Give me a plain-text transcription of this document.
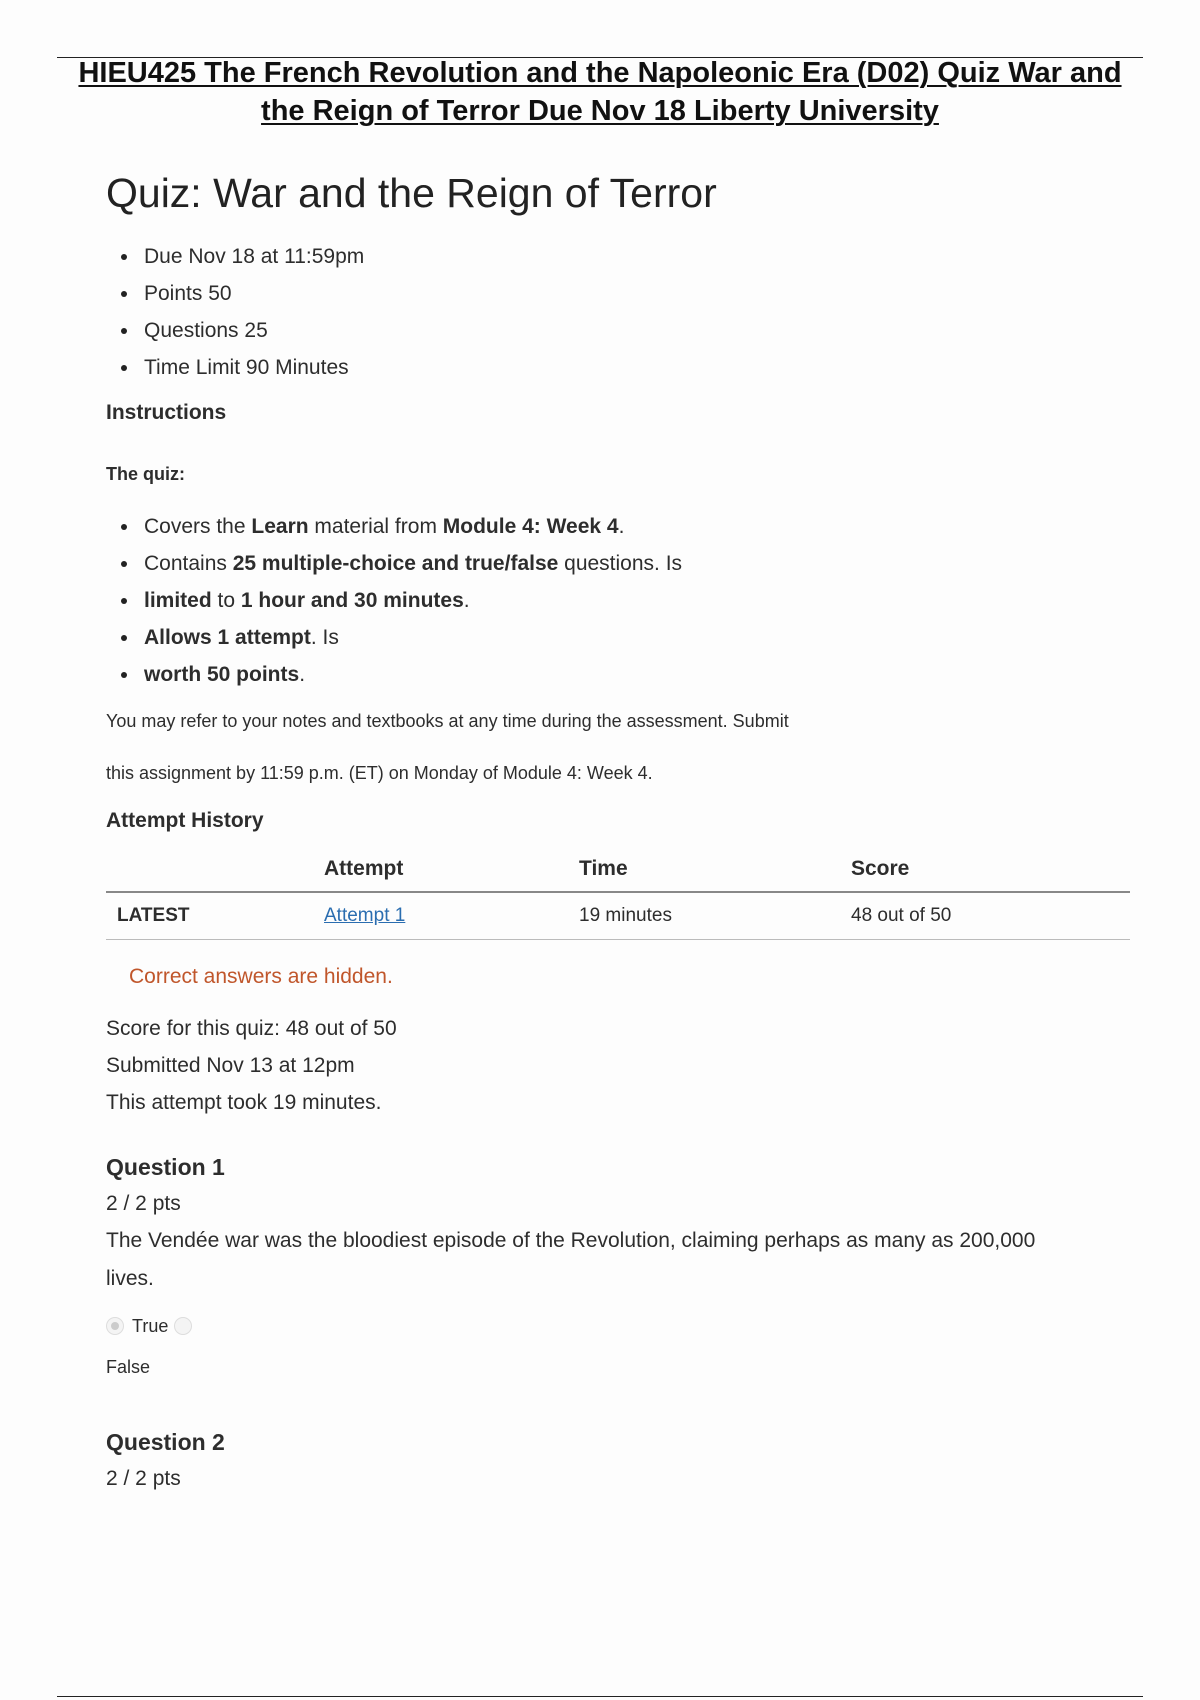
HIEU425 The French Revolution and the Napoleonic Era (D02) Quiz War and the Reign of Terror Due Nov 18 Liberty University
Quiz: War and the Reign of Terror
Due Nov 18 at 11:59pm
Points 50
Questions 25
Time Limit 90 Minutes
Instructions
The quiz:
Covers the Learn material from Module 4: Week 4.
Contains 25 multiple-choice and true/false questions. Is
limited to 1 hour and 30 minutes.
Allows 1 attempt. Is
worth 50 points.
You may refer to your notes and textbooks at any time during the assessment. Submit
this assignment by 11:59 p.m. (ET) on Monday of Module 4: Week 4.
Attempt History
	Attempt	Time	Score
LATEST	Attempt 1	19 minutes	48 out of 50
Correct answers are hidden.
Score for this quiz: 48 out of 50
Submitted Nov 13 at 12pm
This attempt took 19 minutes.
Question 1
2 / 2 pts
The Vendée war was the bloodiest episode of the Revolution, claiming perhaps as many as 200,000 lives.
True
False
Question 2
2 / 2 pts
